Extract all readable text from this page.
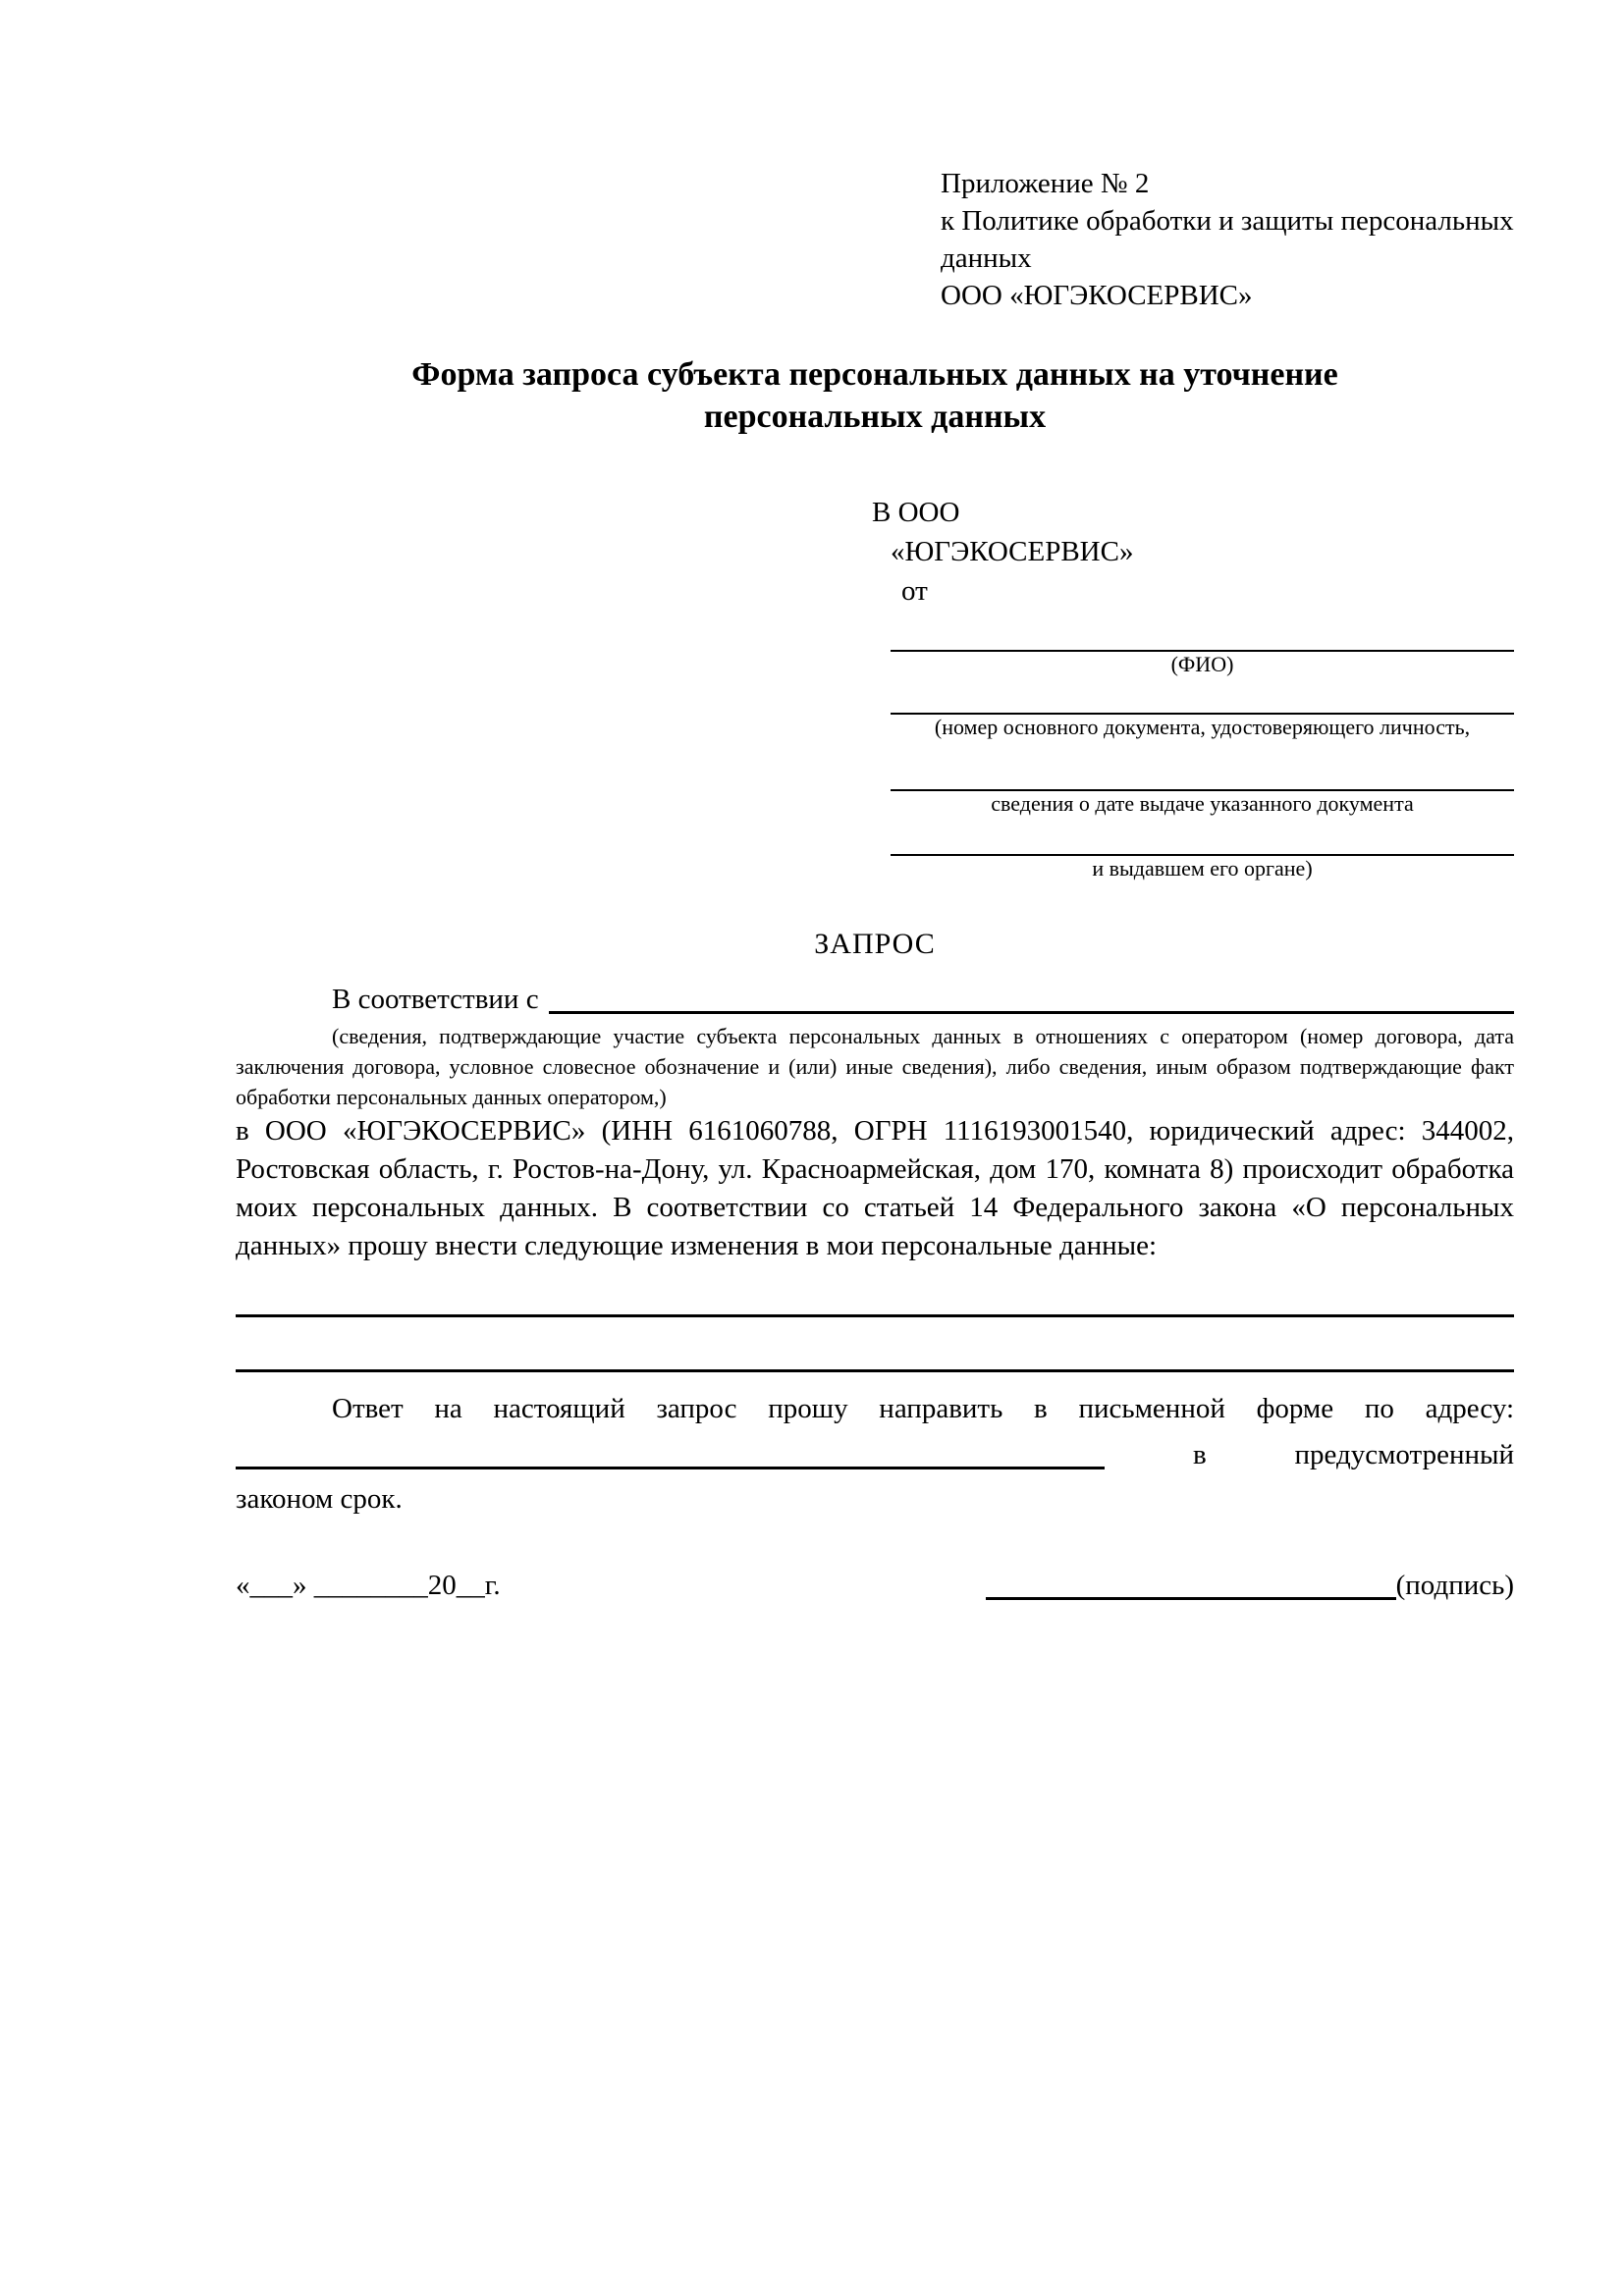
Приложение № 2
к Политике обработки и защиты персональных
данных
ООО «ЮГЭКОСЕРВИС»
Форма запроса субъекта персональных данных на уточнение персональных данных
В ООО
«ЮГЭКОСЕРВИС»
от
(ФИО)
(номер основного документа, удостоверяющего личность,
сведения о дате выдаче указанного документа
и выдавшем его органе)
ЗАПРОС
В соответствии с
(сведения, подтверждающие участие субъекта персональных данных в отношениях с оператором (номер договора, дата заключения договора, условное словесное обозначение и (или) иные сведения), либо сведения, иным образом подтверждающие факт обработки персональных данных оператором,)
в ООО «ЮГЭКОСЕРВИС» (ИНН 6161060788, ОГРН 1116193001540, юридический адрес: 344002, Ростовская область, г. Ростов-на-Дону, ул. Красноармейская, дом 170, комната 8) происходит обработка моих персональных данных. В соответствии со статьей 14 Федерального закона «О персональных данных» прошу внести следующие изменения в мои персональные данные:
Ответ на настоящий запрос прошу направить в письменной форме по адресу:
в	предусмотренный
законом срок.
«___» ________20__г.	(подпись)
